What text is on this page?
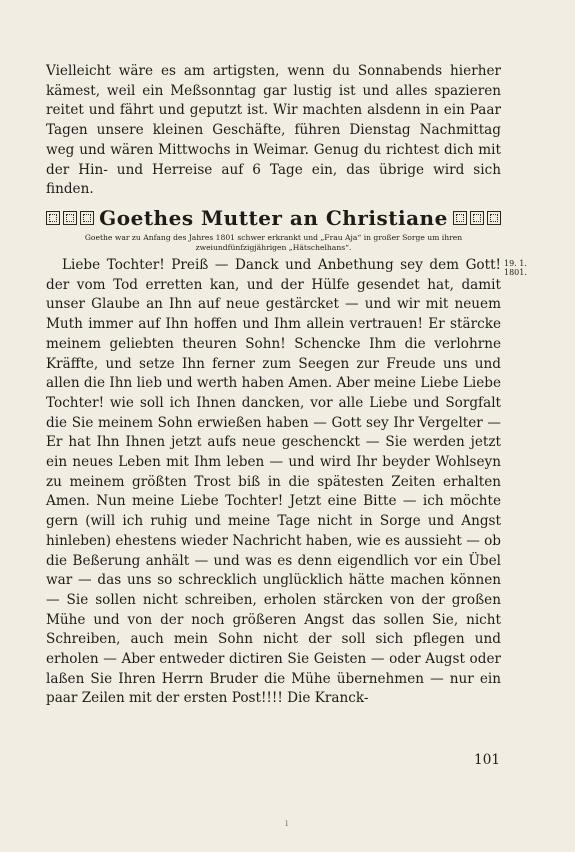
Vielleicht wäre es am artigsten, wenn du Sonnabends hierher kämest, weil ein Meßsonntag gar lustig ist und alles spazieren reitet und fährt und geputzt ist. Wir machten alsdenn in ein Paar Tagen unsere kleinen Geschäfte, führen Dienstag Nachmittag weg und wären Mittwochs in Weimar. Genug du richtest dich mit der Hin- und Herreise auf 6 Tage ein, das übrige wird sich finden.
Goethes Mutter an Christiane
Goethe war zu Anfang des Jahres 1801 schwer erkrankt und „Frau Aja“ in großer Sorge um ihren zweiundfünfzigjährigen „Hätschelhans“.
Liebe Tochter! Preiß — Danck und Anbethung sey dem Gott! der vom Tod erretten kan, und der Hülfe gesendet hat, damit unser Glaube an Ihn auf neue gestärcket — und wir mit neuem Muth immer auf Ihn hoffen und Ihm allein vertrauen! Er stärcke meinem geliebten theuren Sohn! Schencke Ihm die verlohrne Kräffte, und setze Ihn ferner zum Seegen zur Freude uns und allen die Ihn lieb und werth haben Amen. Aber meine Liebe Liebe Tochter! wie soll ich Ihnen dancken, vor alle Liebe und Sorgfalt die Sie meinem Sohn erwießen haben — Gott sey Ihr Vergelter — Er hat Ihn Ihnen jetzt aufs neue geschenckt — Sie werden jetzt ein neues Leben mit Ihm leben — und wird Ihr beyder Wohlseyn zu meinem größten Trost biß in die spätesten Zeiten erhalten Amen. Nun meine Liebe Tochter! Jetzt eine Bitte — ich möchte gern (will ich ruhig und meine Tage nicht in Sorge und Angst hinleben) ehestens wieder Nachricht haben, wie es aussieht — ob die Beßerung anhält — und was es denn eigendlich vor ein Übel war — das uns so schrecklich unglücklich hätte machen können — Sie sollen nicht schreiben, erholen stärcken von der großen Mühe und von der noch größeren Angst das sollen Sie, nicht Schreiben, auch mein Sohn nicht der soll sich pflegen und erholen — Aber entweder dictiren Sie Geisten — oder Augst oder laßen Sie Ihren Herrn Bruder die Mühe übernehmen — nur ein paar Zeilen mit der ersten Post!!!! Die Kranck-
19. 1. 1801.
101
ı
